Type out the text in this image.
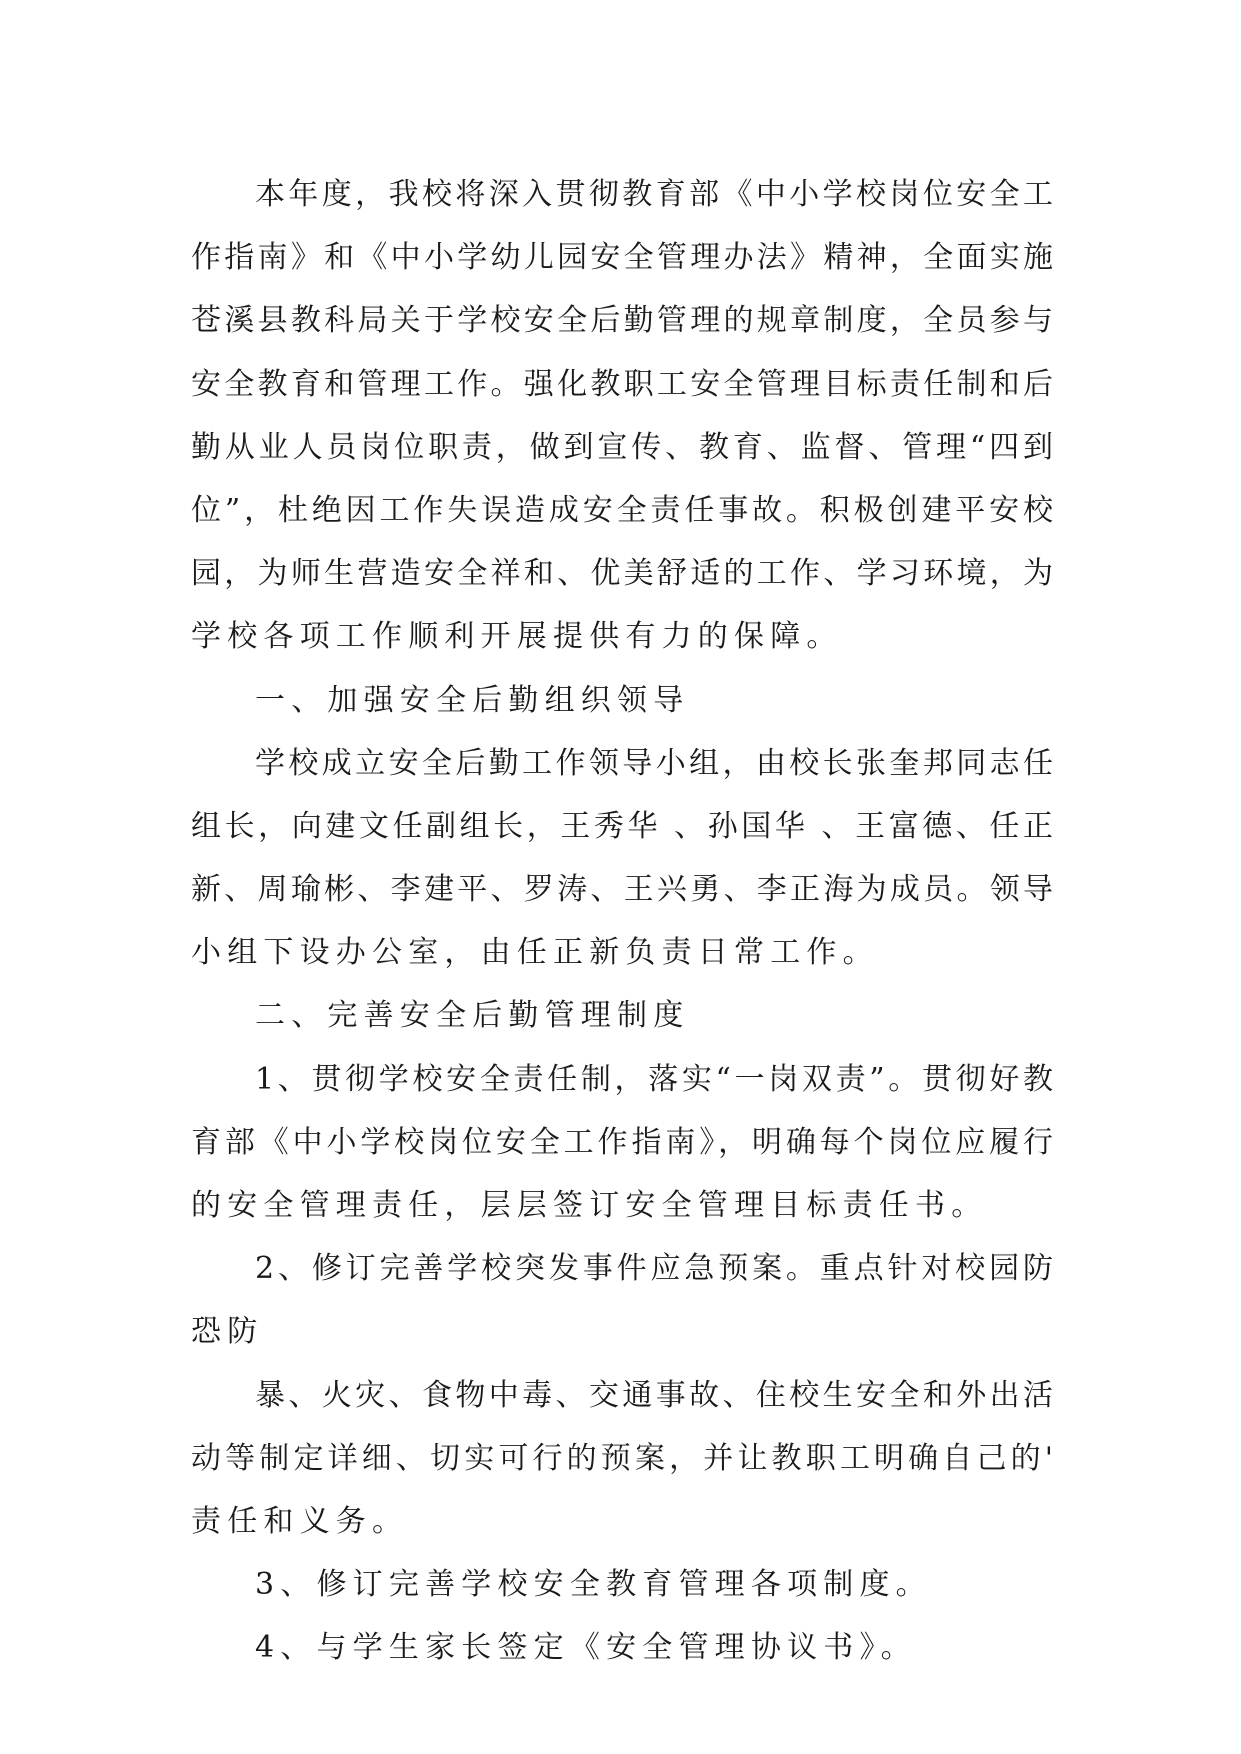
本年度，我校将深入贯彻教育部《中小学校岗位安全工
作指南》和《中小学幼儿园安全管理办法》精神，全面实施
苍溪县教科局关于学校安全后勤管理的规章制度，全员参与
安全教育和管理工作。强化教职工安全管理目标责任制和后
勤从业人员岗位职责，做到宣传、教育、监督、管理“四到
位”，杜绝因工作失误造成安全责任事故。积极创建平安校
园，为师生营造安全祥和、优美舒适的工作、学习环境，为
学校各项工作顺利开展提供有力的保障。
一、加强安全后勤组织领导
学校成立安全后勤工作领导小组，由校长张奎邦同志任
组长，向建文任副组长，王秀华 、孙国华 、王富德、任正
新、周瑜彬、李建平、罗涛、王兴勇、李正海为成员。领导
小组下设办公室，由任正新负责日常工作。
二、完善安全后勤管理制度
1、贯彻学校安全责任制，落实“一岗双责”。贯彻好教
育部《中小学校岗位安全工作指南》，明确每个岗位应履行
的安全管理责任，层层签订安全管理目标责任书。
2、修订完善学校突发事件应急预案。重点针对校园防
恐防
暴、火灾、食物中毒、交通事故、住校生安全和外出活
动等制定详细、切实可行的预案，并让教职工明确自己的'
责任和义务。
3、修订完善学校安全教育管理各项制度。
4、与学生家长签定《安全管理协议书》。
